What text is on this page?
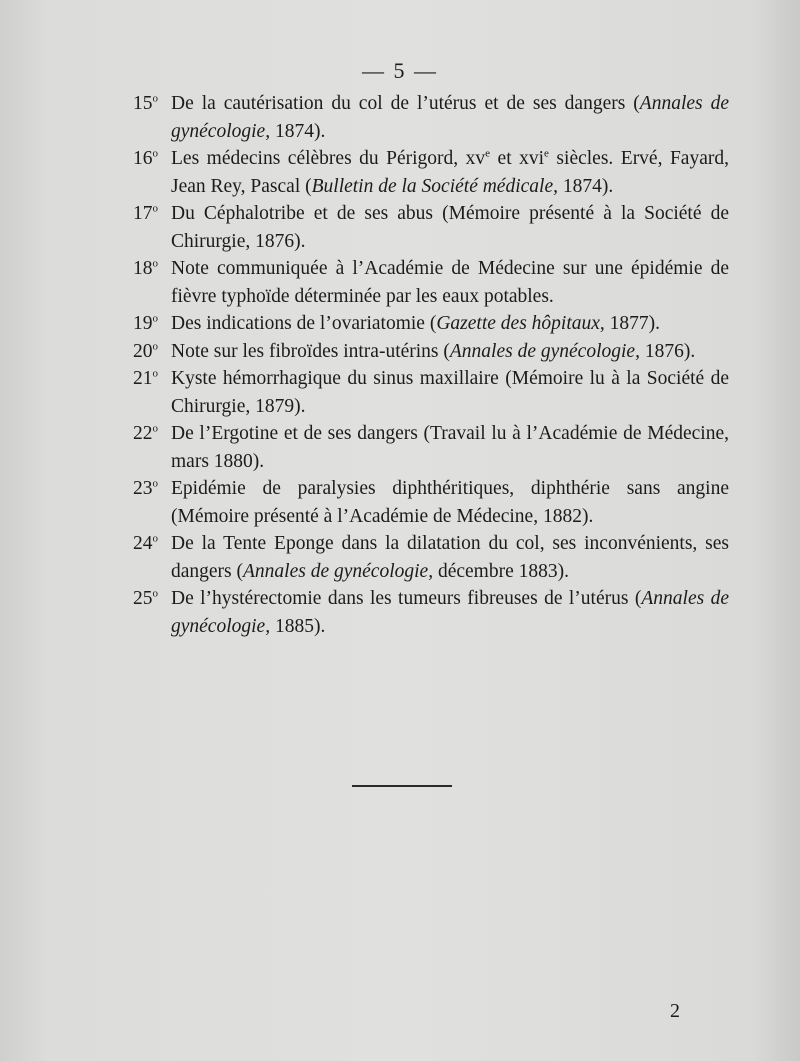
— 5 —
15$^o$ De la cautérisation du col de l’utérus et de ses dangers (Annales de gynécologie, 1874).
16$^o$ Les médecins célèbres du Périgord, $xv^e$ et xvi$^e$ siècles. Ervé, Fayard, Jean Rey, Pascal (Bulletin de la Société médicale, 1874).
17$^o$ Du Céphalotribe et de ses abus (Mémoire présenté à la Société de Chirurgie, 1876).
18$^o$ Note communiquée à l’Académie de Médecine sur une épidémie de fièvre typhoïde déterminée par les eaux potables.
19$^o$ Des indications de l’ovariatomie (Gazette des hôpitaux, 1877).
20$^o$ Note sur les fibroïdes intra-utérins (Annales de gynécologie, 1876).
21$^o$ Kyste hémorrhagique du sinus maxillaire (Mémoire lu à la Société de Chirurgie, 1879).
22$^o$ De l’Ergotine et de ses dangers (Travail lu à l’Académie de Médecine, mars 1880).
23$^o$ Epidémie de paralysies diphthéritiques, diphthérie sans angine (Mémoire présenté à l’Académie de Médecine, 1882).
24$^o$ De la Tente Eponge dans la dilatation du col, ses inconvénients, ses dangers (Annales de gynécologie, décembre 1883).
25$^o$ De l’hystérectomie dans les tumeurs fibreuses de l’utérus (Annales de gynécologie, 1885).
2
